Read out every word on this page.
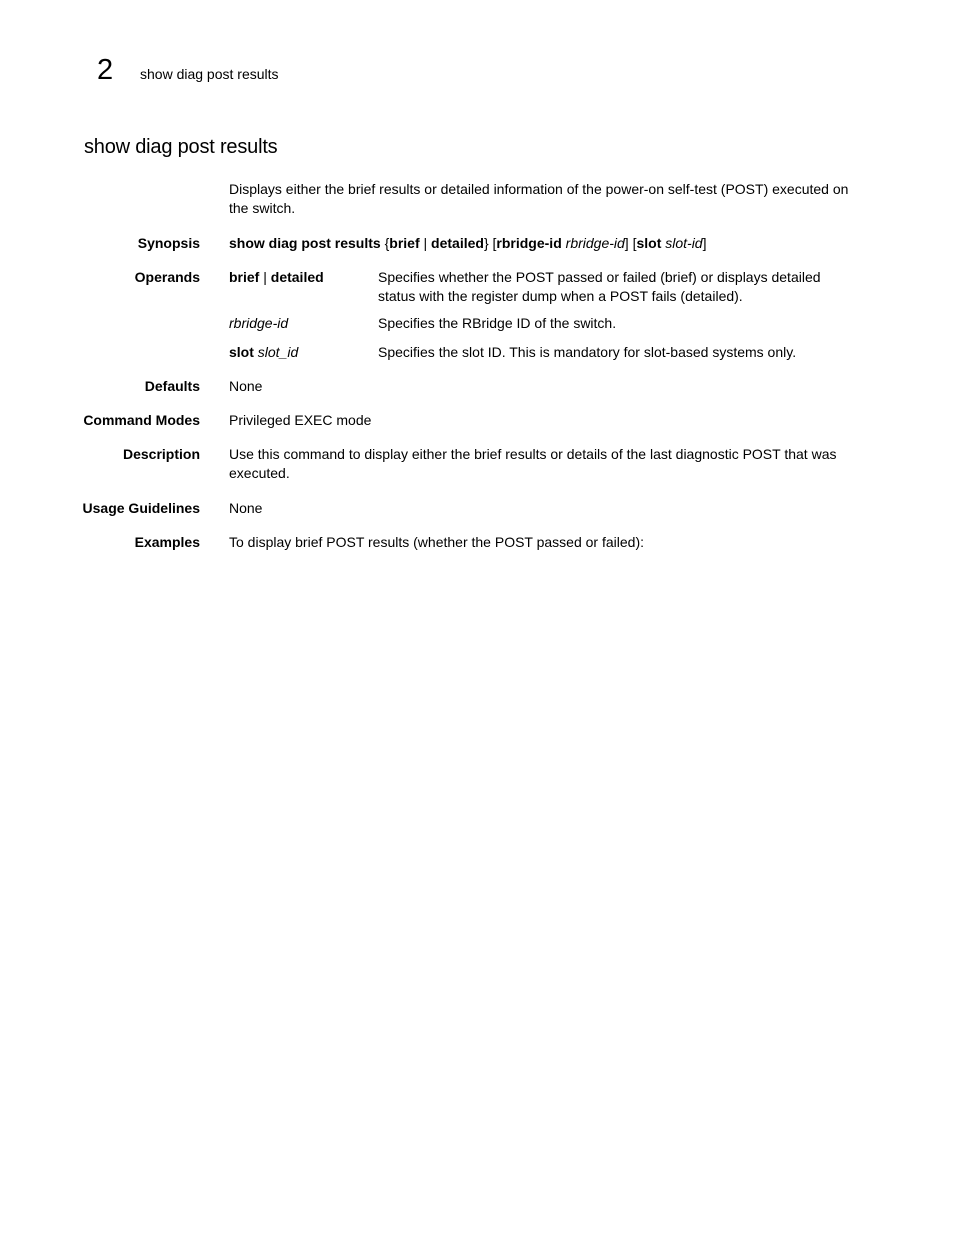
2 show diag post results
show diag post results
Displays either the brief results or detailed information of the power-on self-test (POST) executed on the switch.
Synopsis show diag post results {brief | detailed} [rbridge-id rbridge-id] [slot slot-id]
Operands brief | detailed	Specifies whether the POST passed or failed (brief) or displays detailed status with the register dump when a POST fails (detailed).
rbridge-id	Specifies the RBridge ID of the switch.
slot slot_id	Specifies the slot ID. This is mandatory for slot-based systems only.
Defaults None
Command Modes Privileged EXEC mode
Description Use this command to display either the brief results or details of the last diagnostic POST that was executed.
Usage Guidelines None
Examples To display brief POST results (whether the POST passed or failed):
